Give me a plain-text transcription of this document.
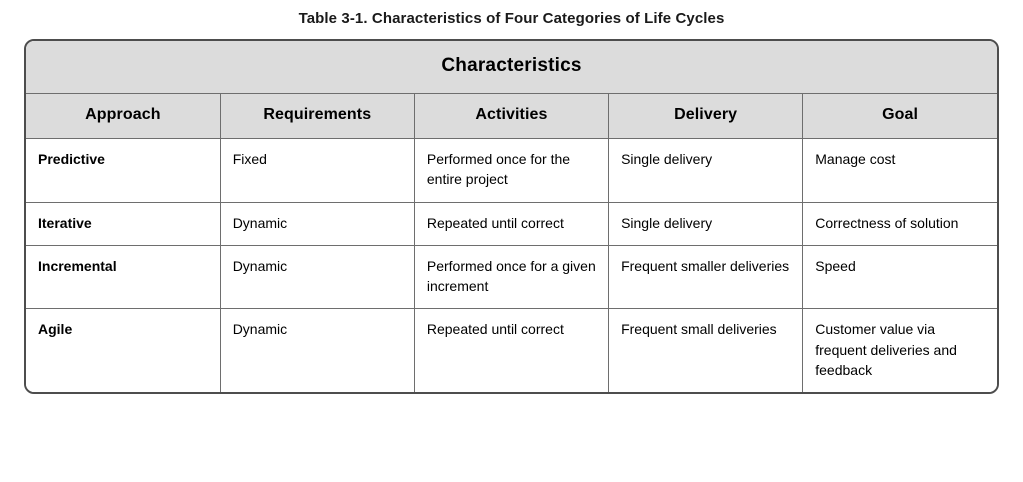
Table 3-1. Characteristics of Four Categories of Life Cycles
Characteristics				
Approach	Requirements	Activities	Delivery	Goal
Predictive	Fixed	Performed once for the entire project	Single delivery	Manage cost
Iterative	Dynamic	Repeated until correct	Single delivery	Correctness of solution
Incremental	Dynamic	Performed once for a given increment	Frequent smaller deliveries	Speed
Agile	Dynamic	Repeated until correct	Frequent small deliveries	Customer value via frequent deliveries and feedback
